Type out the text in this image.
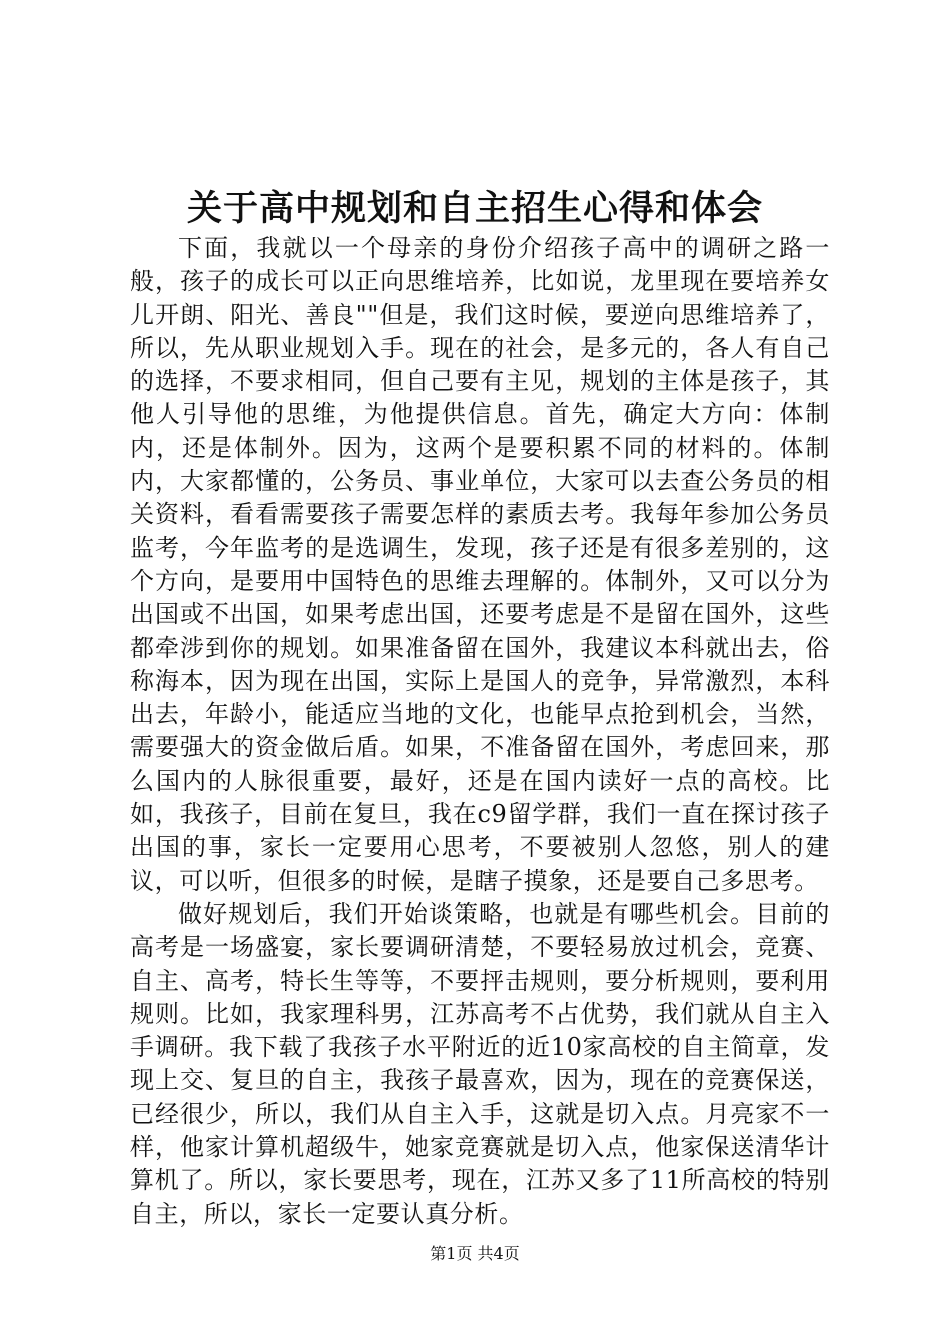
关于高中规划和自主招生心得和体会

下面，我就以一个母亲的身份介绍孩子高中的调研之路一般，孩子的成长可以正向思维培养，比如说，龙里现在要培养女儿开朗、阳光、善良""但是，我们这时候，要逆向思维培养了，所以，先从职业规划入手。现在的社会，是多元的，各人有自己的选择，不要求相同，但自己要有主见，规划的主体是孩子，其他人引导他的思维，为他提供信息。首先，确定大方向：体制内，还是体制外。因为，这两个是要积累不同的材料的。体制内，大家都懂的，公务员、事业单位，大家可以去查公务员的相关资料，看看需要孩子需要怎样的素质去考。我每年参加公务员监考，今年监考的是选调生，发现，孩子还是有很多差别的，这个方向，是要用中国特色的思维去理解的。体制外，又可以分为出国或不出国，如果考虑出国，还要考虑是不是留在国外，这些都牵涉到你的规划。如果准备留在国外，我建议本科就出去，俗称海本，因为现在出国，实际上是国人的竞争，异常激烈，本科出去，年龄小，能适应当地的文化，也能早点抢到机会，当然，需要强大的资金做后盾。如果，不准备留在国外，考虑回来，那么国内的人脉很重要，最好，还是在国内读好一点的高校。比如，我孩子，目前在复旦，我在c9留学群，我们一直在探讨孩子出国的事，家长一定要用心思考，不要被别人忽悠，别人的建议，可以听，但很多的时候，是瞎子摸象，还是要自己多思考。

做好规划后，我们开始谈策略，也就是有哪些机会。目前的高考是一场盛宴，家长要调研清楚，不要轻易放过机会，竞赛、自主、高考，特长生等等，不要抨击规则，要分析规则，要利用规则。比如，我家理科男，江苏高考不占优势，我们就从自主入手调研。我下载了我孩子水平附近的近10家高校的自主简章，发现上交、复旦的自主，我孩子最喜欢，因为，现在的竞赛保送，已经很少，所以，我们从自主入手，这就是切入点。月亮家不一样，他家计算机超级牛，她家竞赛就是切入点，他家保送清华计算机了。所以，家长要思考，现在，江苏又多了11所高校的特别自主，所以，家长一定要认真分析。

第1页 共4页
